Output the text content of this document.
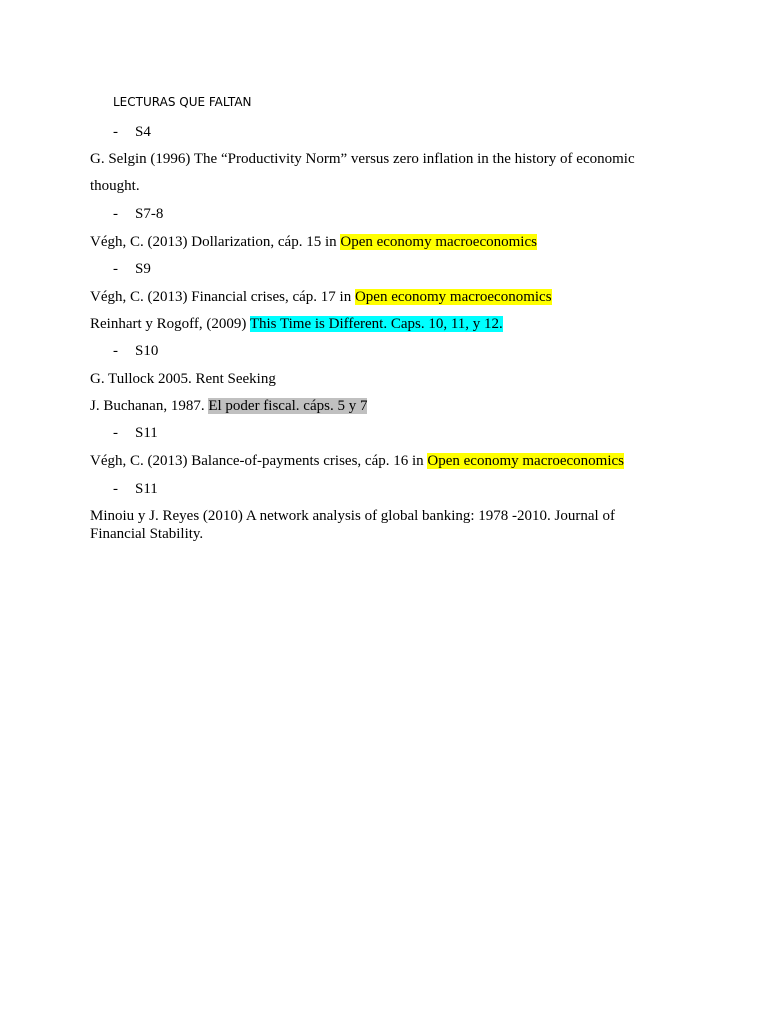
LECTURAS QUE FALTAN
- S4
G. Selgin (1996) The “Productivity Norm” versus zero inflation in the history of economic
thought.
- S7-8
Végh, C. (2013) Dollarization, cáp. 15 in Open economy macroeconomics
- S9
Végh, C. (2013) Financial crises, cáp. 17 in Open economy macroeconomics
Reinhart y Rogoff, (2009) This Time is Different. Caps. 10, 11, y 12.
- S10
G. Tullock 2005. Rent Seeking
J. Buchanan, 1987. El poder fiscal. cáps. 5 y 7
- S11
Végh, C. (2013) Balance-of-payments crises, cáp. 16 in Open economy macroeconomics
- S11
Minoiu y J. Reyes (2010) A network analysis of global banking: 1978 -2010. Journal of Financial Stability.
